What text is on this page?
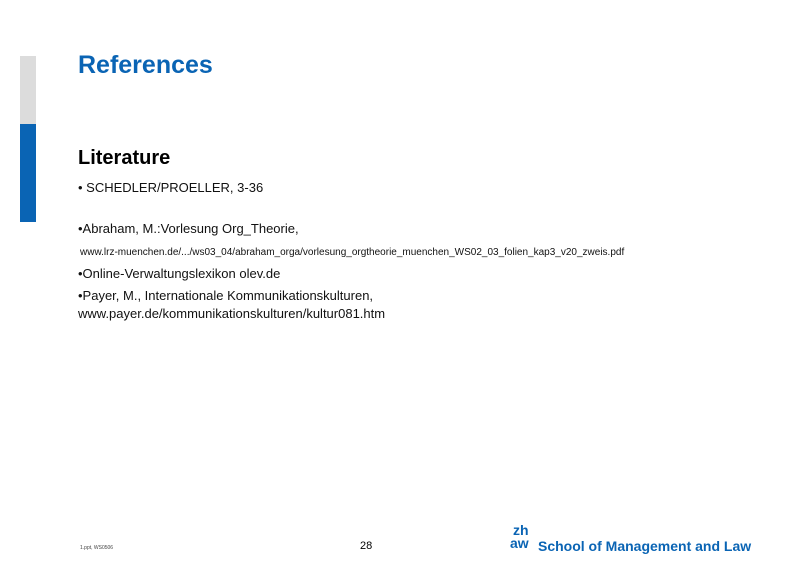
References
Literature
• SCHEDLER/PROELLER, 3-36
•Abraham, M.:Vorlesung Org_Theorie,
www.lrz-muenchen.de/.../ws03_04/abraham_orga/vorlesung_orgtheorie_muenchen_WS02_03_folien_kap3_v20_zweis.pdf
•Online-Verwaltungslexikon olev.de
•Payer, M., Internationale Kommunikationskulturen,
www.payer.de/kommunikationskulturen/kultur081.htm
1.ppt, WS0506	28
zh
aw School of Management and Law
